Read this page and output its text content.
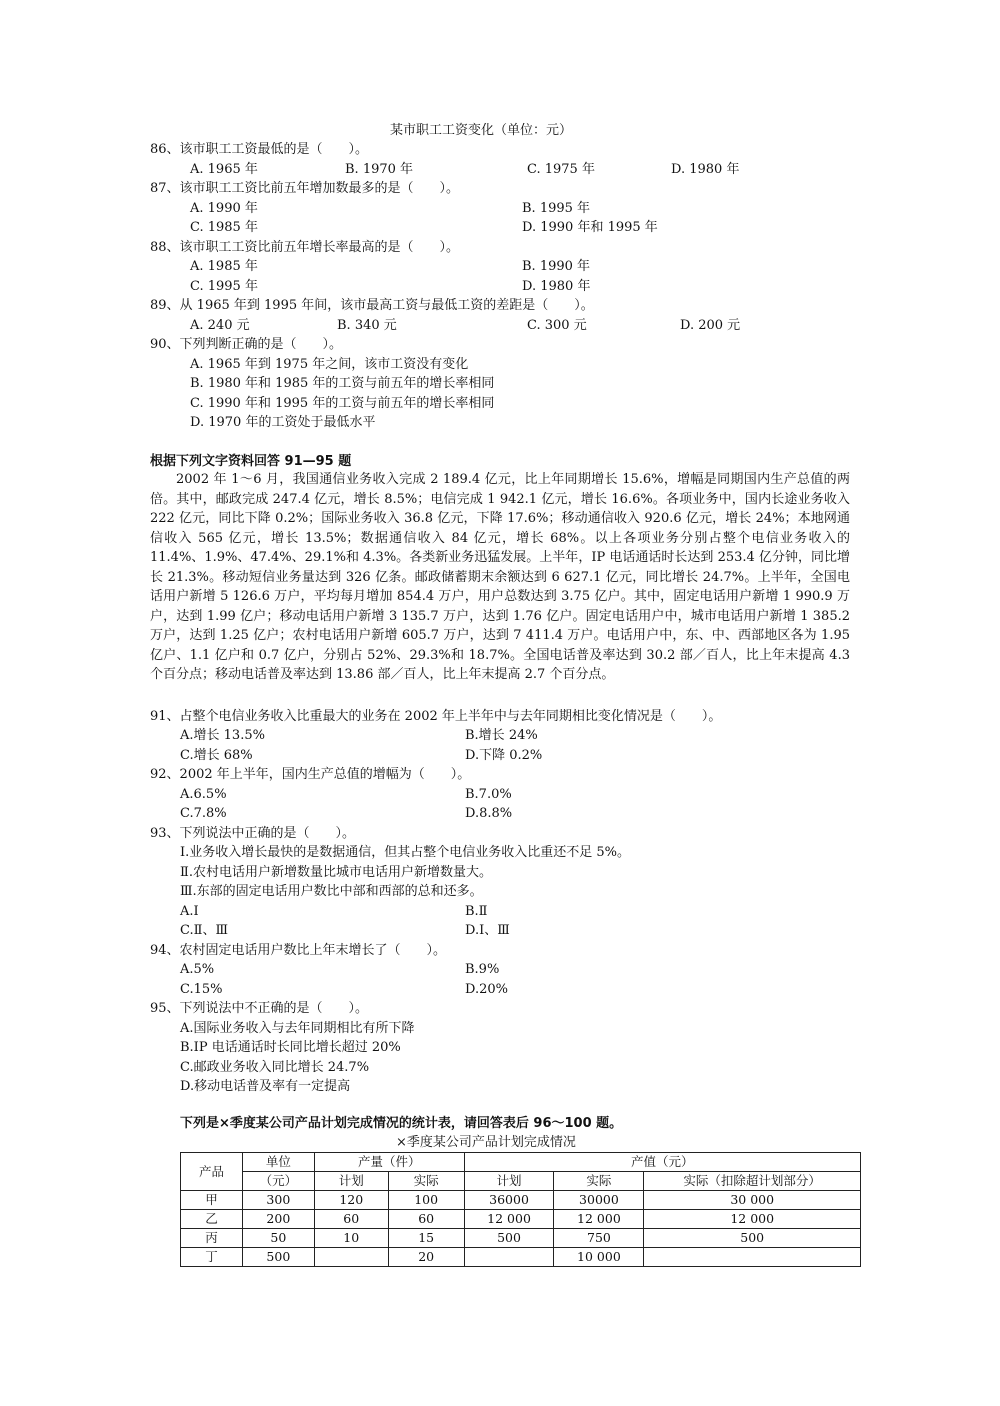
某市职工工资变化（单位：元）
86、该市职工工资最低的是（　　）。
A. 1965 年	B. 1970 年	C. 1975 年	D. 1980 年
87、该市职工工资比前五年增加数最多的是（　　）。
A. 1990 年	B. 1995 年
C. 1985 年	D. 1990 年和 1995 年
88、该市职工工资比前五年增长率最高的是（　　）。
A. 1985 年	B. 1990 年
C. 1995 年	D. 1980 年
89、从 1965 年到 1995 年间，该市最高工资与最低工资的差距是（　　）。
A. 240 元	B. 340 元	C. 300 元	D. 200 元
90、下列判断正确的是（　　）。
A. 1965 年到 1975 年之间，该市工资没有变化
B. 1980 年和 1985 年的工资与前五年的增长率相同
C. 1990 年和 1995 年的工资与前五年的增长率相同
D. 1970 年的工资处于最低水平
根据下列文字资料回答 91—95 题

2002 年 1～6 月，我国通信业务收入完成 2 189.4 亿元，比上年同期增长 15.6%，增幅是同期国内生产总值的两倍。其中，邮政完成 247.4 亿元，增长 8.5%；电信完成 1 942.1 亿元，增长 16.6%。各项业务中，国内长途业务收入 222 亿元，同比下降 0.2%；国际业务收入 36.8 亿元，下降 17.6%；移动通信收入 920.6 亿元，增长 24%；本地网通信收入 565 亿元，增长 13.5%；数据通信收入 84 亿元，增长 68%。以上各项业务分别占整个电信业务收入的 11.4%、1.9%、47.4%、29.1%和 4.3%。各类新业务迅猛发展。上半年，IP 电话通话时长达到 253.4 亿分钟，同比增长 21.3%。移动短信业务量达到 326 亿条。邮政储蓄期末余额达到 6 627.1 亿元，同比增长 24.7%。上半年，全国电话用户新增 5 126.6 万户，平均每月增加 854.4 万户，用户总数达到 3.75 亿户。其中，固定电话用户新增 1 990.9 万户，达到 1.99 亿户；移动电话用户新增 3 135.7 万户，达到 1.76 亿户。固定电话用户中，城市电话用户新增 1 385.2 万户，达到 1.25 亿户；农村电话用户新增 605.7 万户，达到 7 411.4 万户。电话用户中，东、中、西部地区各为 1.95 亿户、1.1 亿户和 0.7 亿户，分别占 52%、29.3%和 18.7%。全国电话普及率达到 30.2 部／百人，比上年末提高 4.3 个百分点；移动电话普及率达到 13.86 部／百人，比上年末提高 2.7 个百分点。

91、占整个电信业务收入比重最大的业务在 2002 年上半年中与去年同期相比变化情况是（　　）。
A.增长 13.5%	B.增长 24%
C.增长 68%	D.下降 0.2%
92、2002 年上半年，国内生产总值的增幅为（　　）。
A.6.5%	B.7.0%
C.7.8%	D.8.8%
93、下列说法中正确的是（　　）。
Ⅰ.业务收入增长最快的是数据通信，但其占整个电信业务收入比重还不足 5%。
Ⅱ.农村电话用户新增数量比城市电话用户新增数量大。
Ⅲ.东部的固定电话用户数比中部和西部的总和还多。
A.Ⅰ	B.Ⅱ
C.Ⅱ、Ⅲ	D.Ⅰ、Ⅲ
94、农村固定电话用户数比上年末增长了（　　）。
A.5%	B.9%
C.15%	D.20%
95、下列说法中不正确的是（　　）。
A.国际业务收入与去年同期相比有所下降
B.IP 电话通话时长同比增长超过 20%
C.邮政业务收入同比增长 24.7%
D.移动电话普及率有一定提高
下列是×季度某公司产品计划完成情况的统计表，请回答表后 96～100 题。
×季度某公司产品计划完成情况
产品	单位	产量（件）		产值（元）		
	（元）	计划	实际	计划	实际	实际（扣除超计划部分）
甲	300	120	100	36000	30000	30 000
乙	200	60	60	12 000	12 000	12 000
丙	50	10	15	500	750	500
丁	500		20		10 000	
